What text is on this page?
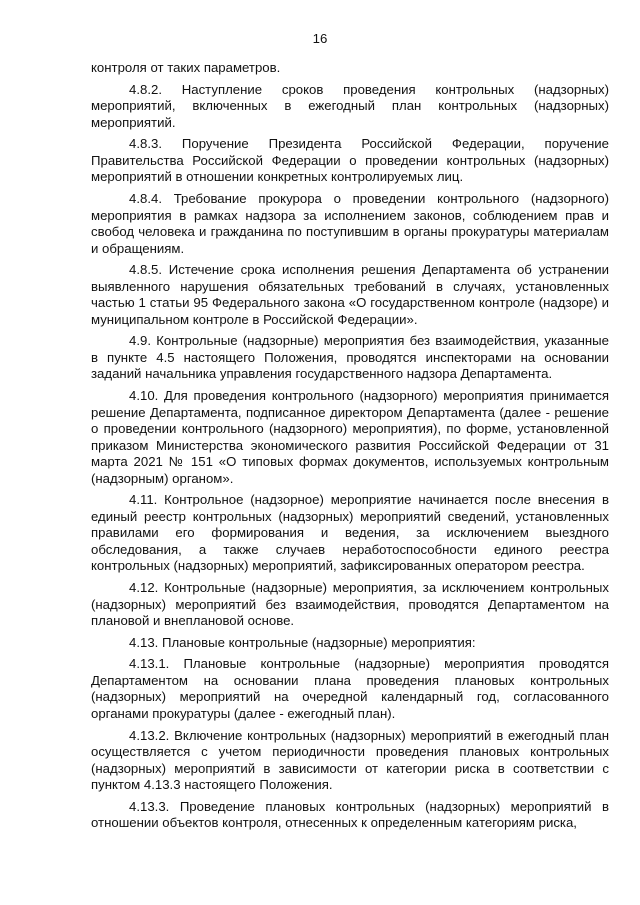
16

контроля от таких параметров.

4.8.2. Наступление сроков проведения контрольных (надзорных) мероприятий, включенных в ежегодный план контрольных (надзорных) мероприятий.

4.8.3. Поручение Президента Российской Федерации, поручение Правительства Российской Федерации о проведении контрольных (надзорных) мероприятий в отношении конкретных контролируемых лиц.

4.8.4. Требование прокурора о проведении контрольного (надзорного) мероприятия в рамках надзора за исполнением законов, соблюдением прав и свобод человека и гражданина по поступившим в органы прокуратуры материалам и обращениям.

4.8.5. Истечение срока исполнения решения Департамента об устранении выявленного нарушения обязательных требований в случаях, установленных частью 1 статьи 95 Федерального закона «О государственном контроле (надзоре) и муниципальном контроле в Российской Федерации».

4.9. Контрольные (надзорные) мероприятия без взаимодействия, указанные в пункте 4.5 настоящего Положения, проводятся инспекторами на основании заданий начальника управления государственного надзора Департамента.

4.10. Для проведения контрольного (надзорного) мероприятия принимается решение Департамента, подписанное директором Департамента (далее - решение о проведении контрольного (надзорного) мероприятия), по форме, установленной приказом Министерства экономического развития Российской Федерации от 31 марта 2021 № 151 «О типовых формах документов, используемых контрольным (надзорным) органом».

4.11. Контрольное (надзорное) мероприятие начинается после внесения в единый реестр контрольных (надзорных) мероприятий сведений, установленных правилами его формирования и ведения, за исключением выездного обследования, а также случаев неработоспособности единого реестра контрольных (надзорных) мероприятий, зафиксированных оператором реестра.

4.12. Контрольные (надзорные) мероприятия, за исключением контрольных (надзорных) мероприятий без взаимодействия, проводятся Департаментом на плановой и внеплановой основе.

4.13. Плановые контрольные (надзорные) мероприятия:

4.13.1. Плановые контрольные (надзорные) мероприятия проводятся Департаментом на основании плана проведения плановых контрольных (надзорных) мероприятий на очередной календарный год, согласованного органами прокуратуры (далее - ежегодный план).

4.13.2. Включение контрольных (надзорных) мероприятий в ежегодный план осуществляется с учетом периодичности проведения плановых контрольных (надзорных) мероприятий в зависимости от категории риска в соответствии с пунктом 4.13.3 настоящего Положения.

4.13.3. Проведение плановых контрольных (надзорных) мероприятий в отношении объектов контроля, отнесенных к определенным категориям риска,
